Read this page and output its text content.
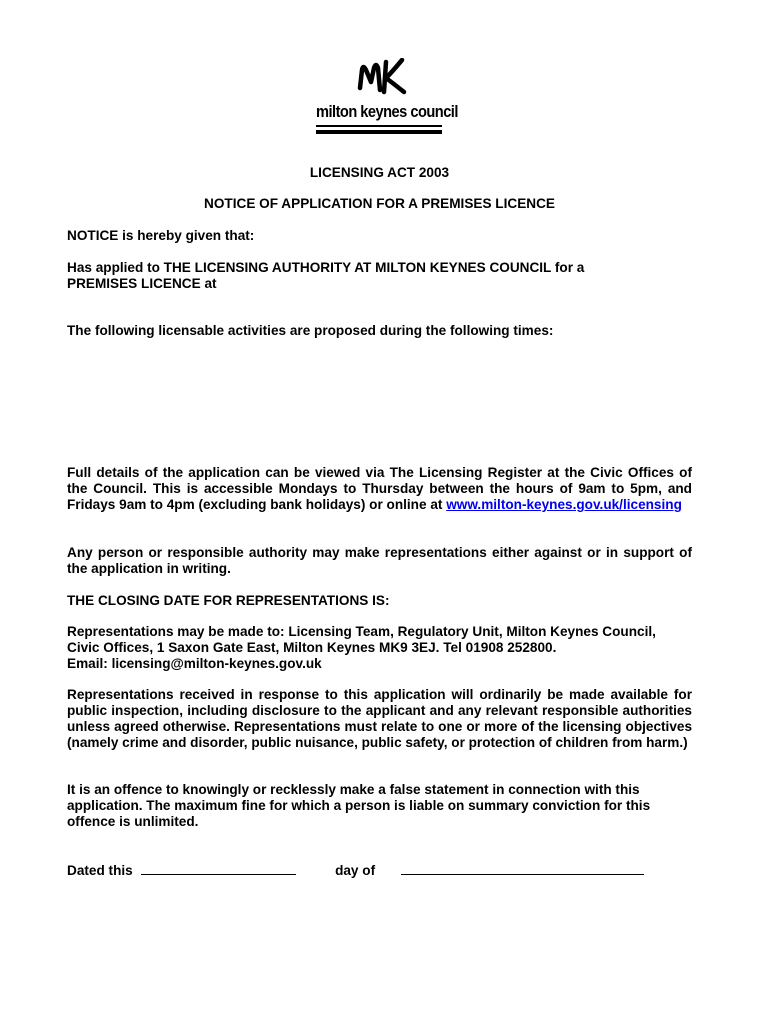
milton keynes council
LICENSING ACT 2003
NOTICE OF APPLICATION FOR A PREMISES LICENCE
NOTICE is hereby given that:
Has applied to THE LICENSING AUTHORITY AT MILTON KEYNES COUNCIL for a PREMISES LICENCE at
The following licensable activities are proposed during the following times:
Full details of the application can be viewed via The Licensing Register at the Civic Offices of the Council. This is accessible Mondays to Thursday between the hours of 9am to 5pm, and Fridays 9am to 4pm (excluding bank holidays) or online at www.milton-keynes.gov.uk/licensing
Any person or responsible authority may make representations either against or in support of the application in writing.
THE CLOSING DATE FOR REPRESENTATIONS IS:
Representations may be made to: Licensing Team, Regulatory Unit, Milton Keynes Council, Civic Offices, 1 Saxon Gate East, Milton Keynes MK9 3EJ. Tel 01908 252800.
Email: licensing@milton-keynes.gov.uk
Representations received in response to this application will ordinarily be made available for public inspection, including disclosure to the applicant and any relevant responsible authorities unless agreed otherwise. Representations must relate to one or more of the licensing objectives (namely crime and disorder, public nuisance, public safety, or protection of children from harm.)
It is an offence to knowingly or recklessly make a false statement in connection with this application. The maximum fine for which a person is liable on summary conviction for this offence is unlimited.
Dated this	day of
